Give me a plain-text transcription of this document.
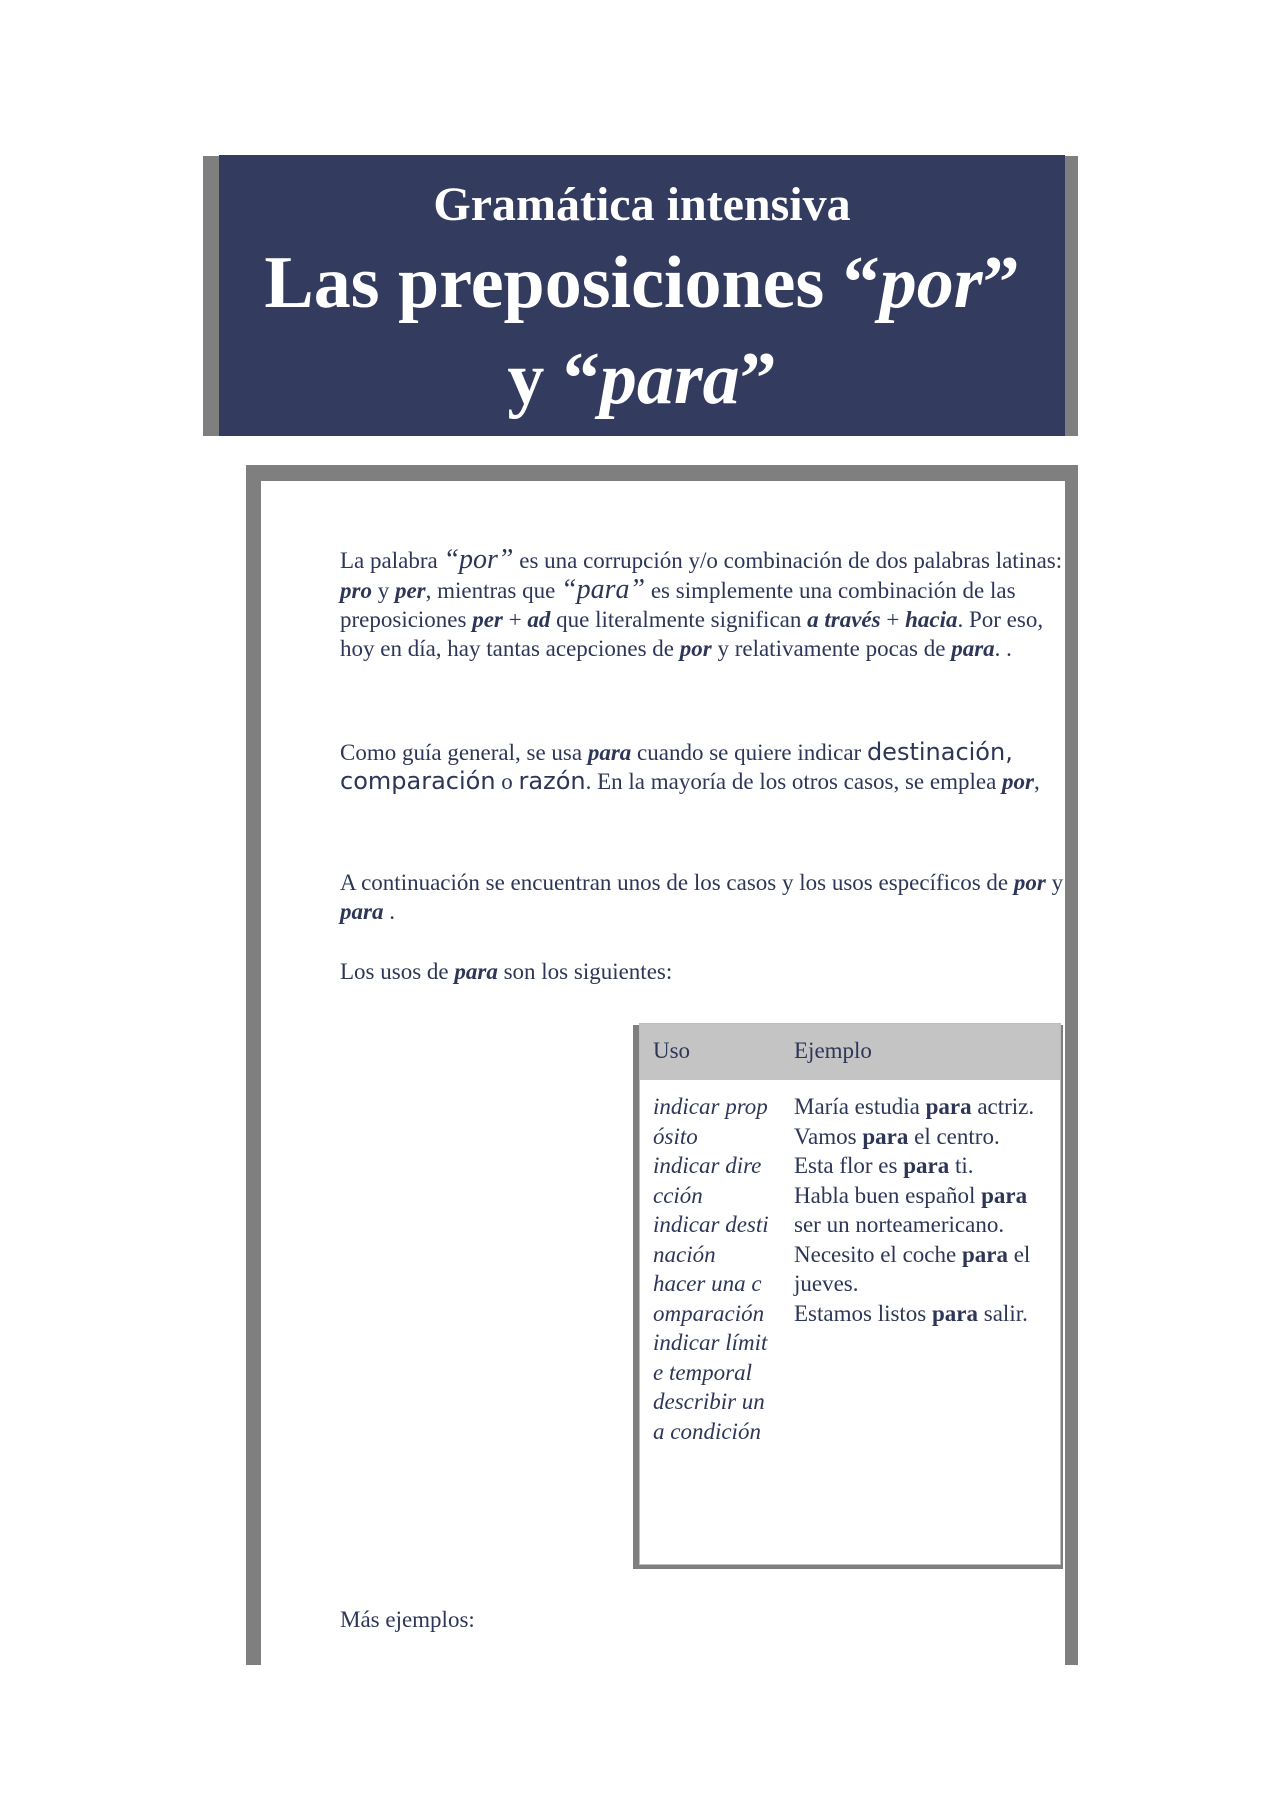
Gramática intensiva
Las preposiciones “por”
y “para”
La palabra “por” es una corrupción y/o combinación de dos palabras latinas: pro y per, mientras que “para” es simplemente una combinación de las preposiciones per + ad que literalmente significan a través + hacia. Por eso, hoy en día, hay tantas acepciones de por y relativamente pocas de para. .
Como guía general, se usa para cuando se quiere indicar destinación, comparación o razón. En la mayoría de los otros casos, se emplea por,
A continuación se encuentran unos de los casos y los usos específicos de por y para .
Los usos de para son los siguientes:
Uso	Ejemplo
indicar propósito
indicar dirección
indicar destinación
hacer una comparación
indicar límite temporal
describir una condición
María estudia para actriz.
Vamos para el centro.
Esta flor es para ti.
Habla buen español para ser un norteamericano.
Necesito el coche para el jueves.
Estamos listos para salir.
Más ejemplos:
